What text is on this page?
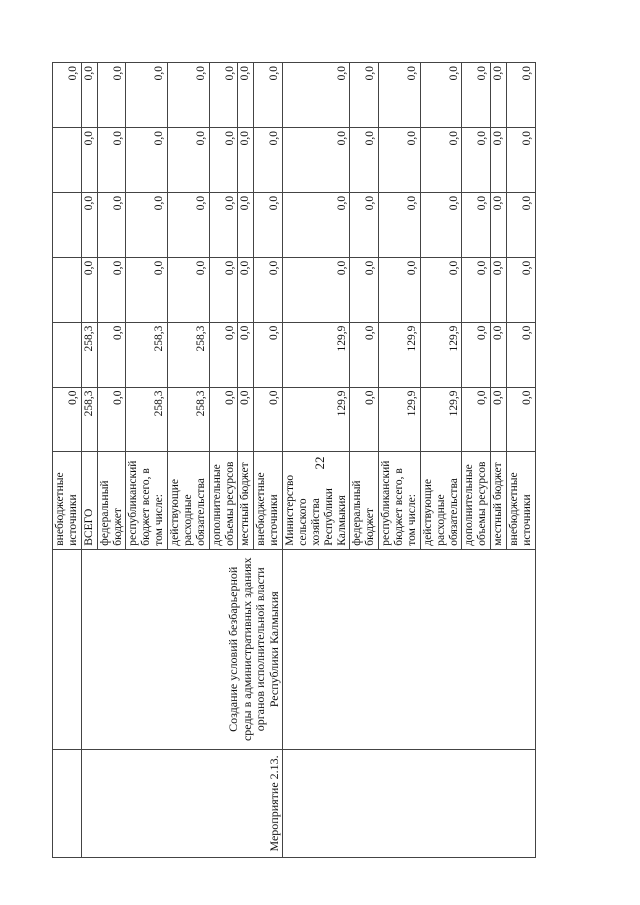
22
		внебюджетные источники	0,0					0,0
Мероприятие 2.13.	Создание условий безбарьерной среды в административных зданиях органов исполнительной власти Республики Калмыкия	ВСЕГО	258,3	258,3	0,0	0,0	0,0	0,0
		федеральный бюджет	0,0	0,0	0,0	0,0	0,0	0,0
		республиканский бюджет всего, в том числе:	258,3	258,3	0,0	0,0	0,0	0,0
		действующие расходные обязательства	258,3	258,3	0,0	0,0	0,0	0,0
		дополнительные объемы ресурсов	0,0	0,0	0,0	0,0	0,0	0,0
		местный бюджет	0,0	0,0	0,0	0,0	0,0	0,0
		внебюджетные источники	0,0	0,0	0,0	0,0	0,0	0,0
		Министерство сельского хозяйства Республики Калмыкия	129,9	129,9	0,0	0,0	0,0	0,0
		федеральный бюджет	0,0	0,0	0,0	0,0	0,0	0,0
		республиканский бюджет всего, в том числе:	129,9	129,9	0,0	0,0	0,0	0,0
		действующие расходные обязательства	129,9	129,9	0,0	0,0	0,0	0,0
		дополнительные объемы ресурсов	0,0	0,0	0,0	0,0	0,0	0,0
		местный бюджет	0,0	0,0	0,0	0,0	0,0	0,0
		внебюджетные источники	0,0	0,0	0,0	0,0	0,0	0,0
